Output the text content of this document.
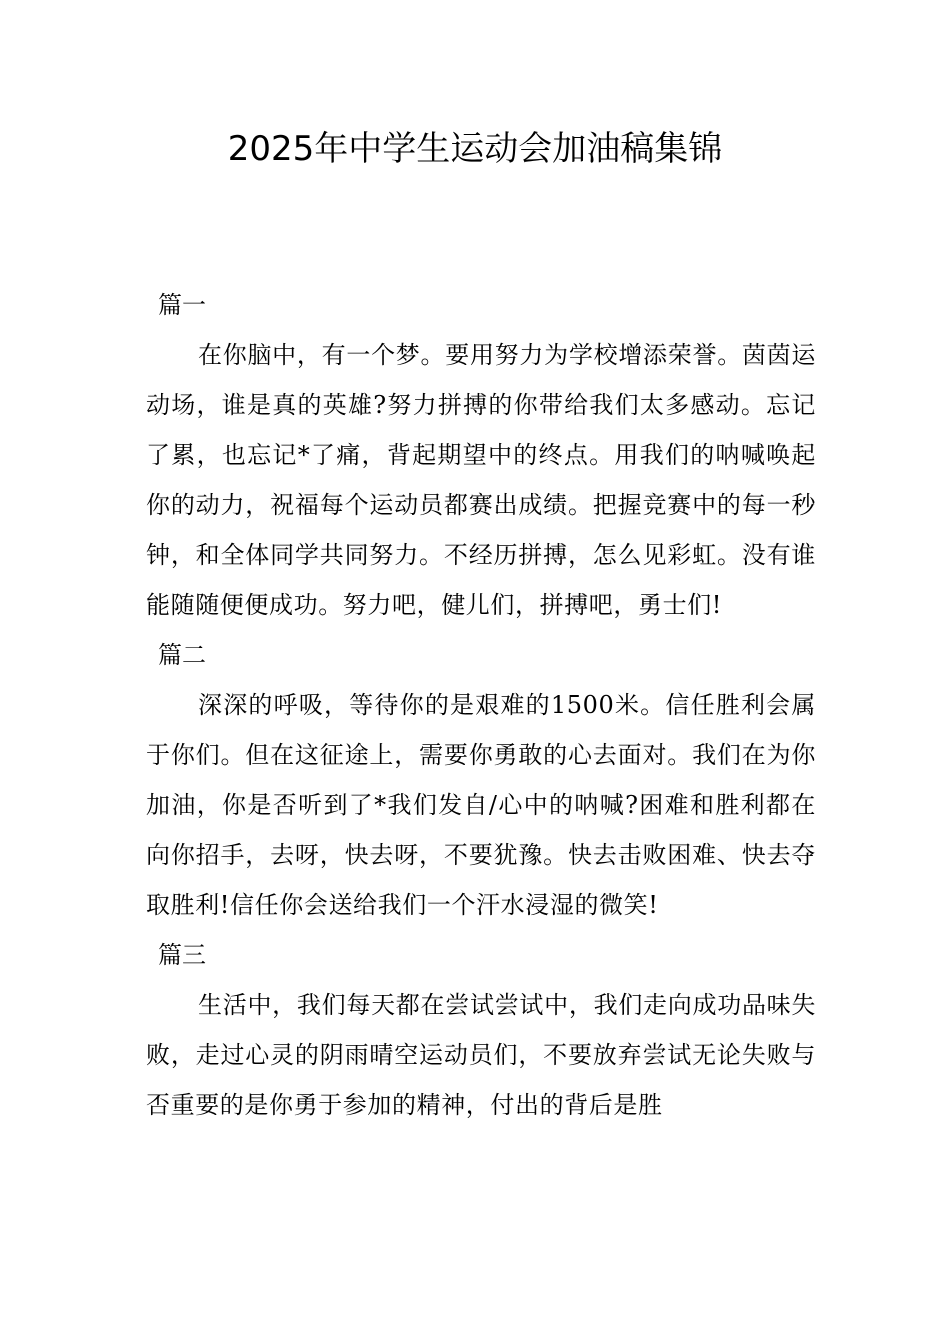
2025年中学生运动会加油稿集锦
篇一

在你脑中，有一个梦。要用努力为学校增添荣誉。茵茵运动场，谁是真的英雄?努力拼搏的你带给我们太多感动。忘记了累，也忘记*了痛，背起期望中的终点。用我们的呐喊唤起你的动力，祝福每个运动员都赛出成绩。把握竞赛中的每一秒钟，和全体同学共同努力。不经历拼搏，怎么见彩虹。没有谁能随随便便成功。努力吧，健儿们，拼搏吧，勇士们!

篇二

深深的呼吸，等待你的是艰难的1500米。信任胜利会属于你们。但在这征途上，需要你勇敢的心去面对。我们在为你加油，你是否听到了*我们发自/心中的呐喊?困难和胜利都在向你招手，去呀，快去呀，不要犹豫。快去击败困难、快去夺取胜利!信任你会送给我们一个汗水浸湿的微笑!

篇三

生活中，我们每天都在尝试尝试中，我们走向成功品味失败，走过心灵的阴雨晴空运动员们，不要放弃尝试无论失败与否重要的是你勇于参加的精神，付出的背后是胜
